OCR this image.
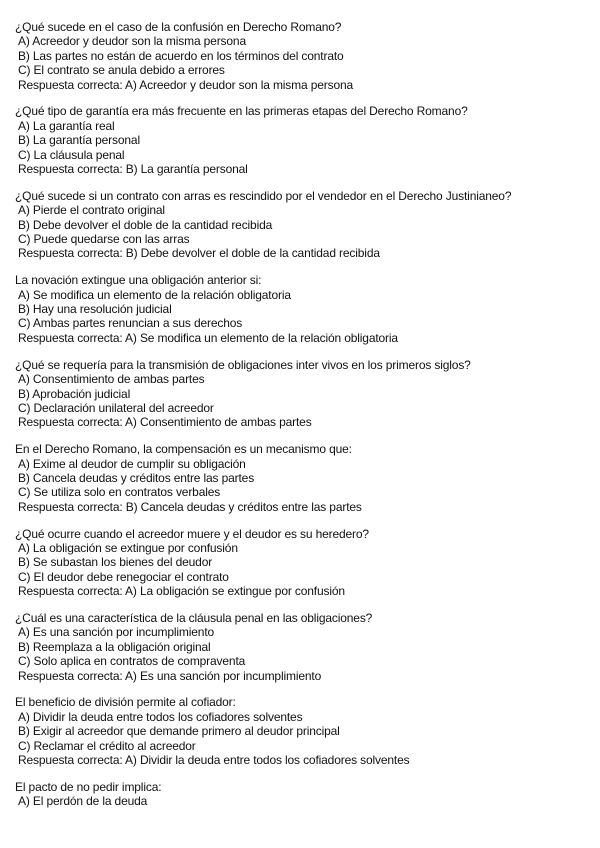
¿Qué sucede en el caso de la confusión en Derecho Romano?
A) Acreedor y deudor son la misma persona
B) Las partes no están de acuerdo en los términos del contrato
C) El contrato se anula debido a errores
Respuesta correcta: A) Acreedor y deudor son la misma persona
¿Qué tipo de garantía era más frecuente en las primeras etapas del Derecho Romano?
A) La garantía real
B) La garantía personal
C) La cláusula penal
Respuesta correcta: B) La garantía personal
¿Qué sucede si un contrato con arras es rescindido por el vendedor en el Derecho Justinianeo?
A) Pierde el contrato original
B) Debe devolver el doble de la cantidad recibida
C) Puede quedarse con las arras
Respuesta correcta: B) Debe devolver el doble de la cantidad recibida
La novación extingue una obligación anterior si:
A) Se modifica un elemento de la relación obligatoria
B) Hay una resolución judicial
C) Ambas partes renuncian a sus derechos
Respuesta correcta: A) Se modifica un elemento de la relación obligatoria
¿Qué se requería para la transmisión de obligaciones inter vivos en los primeros siglos?
A) Consentimiento de ambas partes
B) Aprobación judicial
C) Declaración unilateral del acreedor
Respuesta correcta: A) Consentimiento de ambas partes
En el Derecho Romano, la compensación es un mecanismo que:
A) Exime al deudor de cumplir su obligación
B) Cancela deudas y créditos entre las partes
C) Se utiliza solo en contratos verbales
Respuesta correcta: B) Cancela deudas y créditos entre las partes
¿Qué ocurre cuando el acreedor muere y el deudor es su heredero?
A) La obligación se extingue por confusión
B) Se subastan los bienes del deudor
C) El deudor debe renegociar el contrato
Respuesta correcta: A) La obligación se extingue por confusión
¿Cuál es una característica de la cláusula penal en las obligaciones?
A) Es una sanción por incumplimiento
B) Reemplaza a la obligación original
C) Solo aplica en contratos de compraventa
Respuesta correcta: A) Es una sanción por incumplimiento
El beneficio de división permite al cofiador:
A) Dividir la deuda entre todos los cofiadores solventes
B) Exigir al acreedor que demande primero al deudor principal
C) Reclamar el crédito al acreedor
Respuesta correcta: A) Dividir la deuda entre todos los cofiadores solventes
El pacto de no pedir implica:
A) El perdón de la deuda
